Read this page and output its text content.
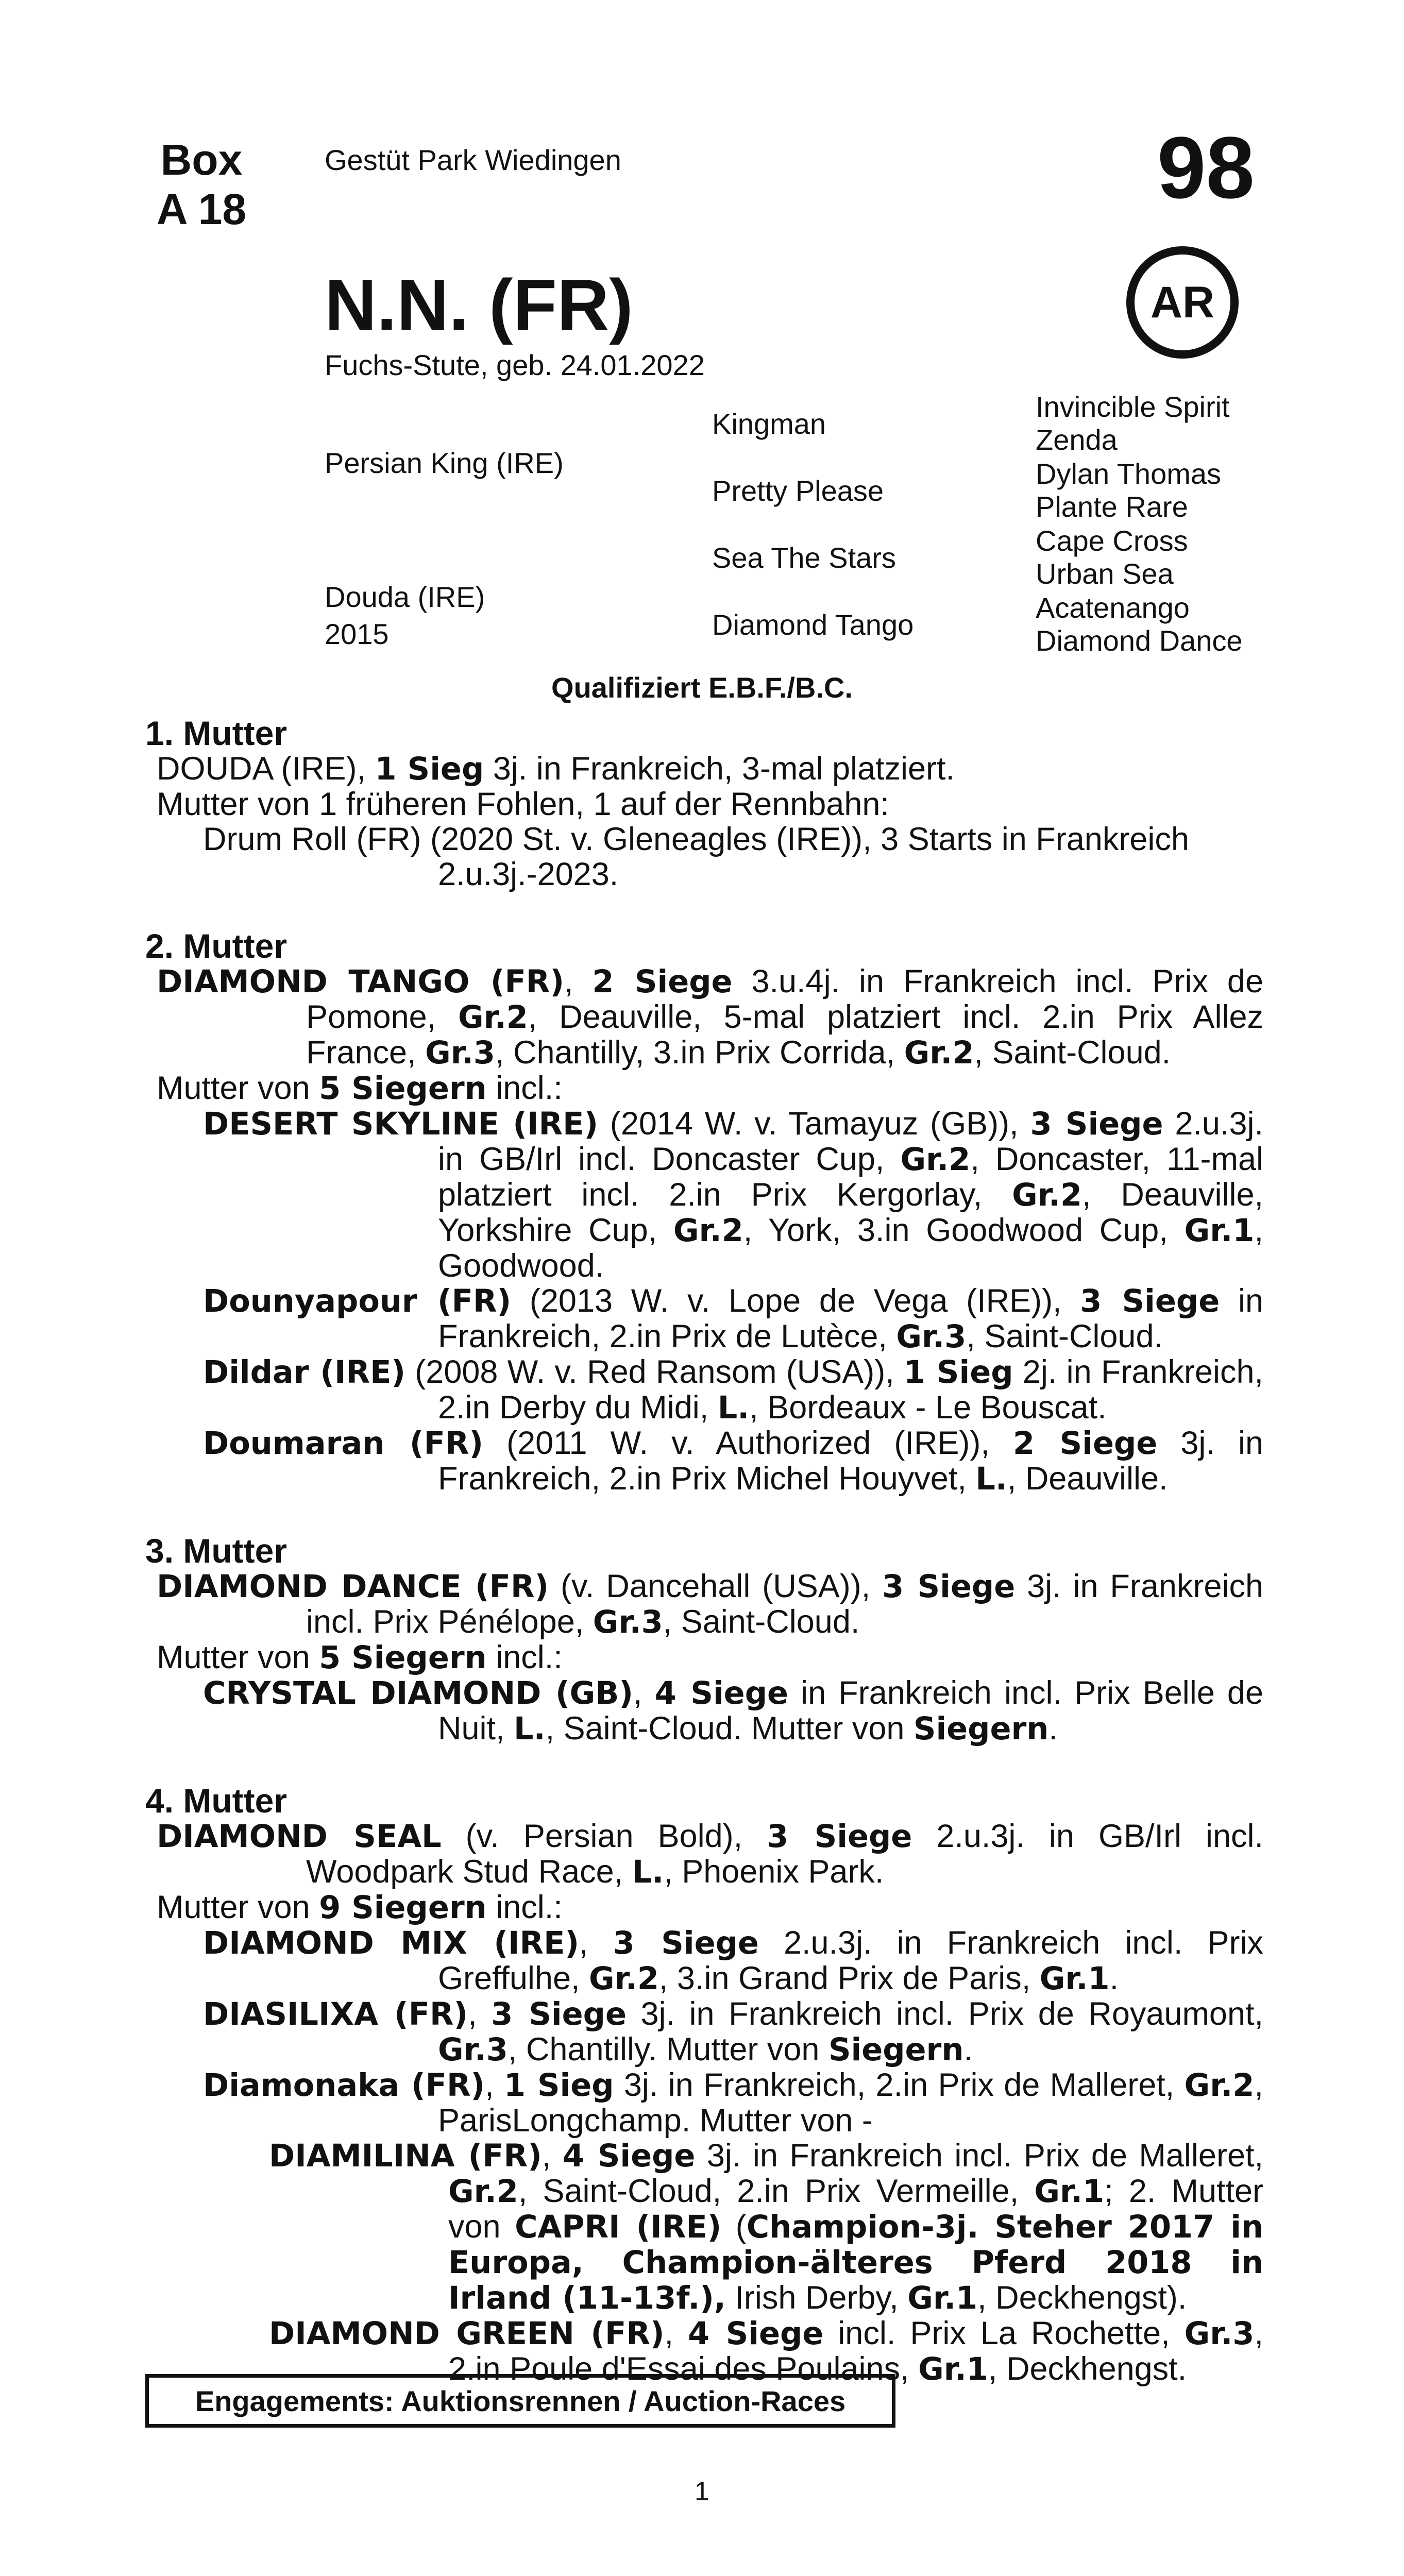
Box
A 18
Gestüt Park Wiedingen	98
N.N. (FR)
Fuchs-Stute, geb. 24.01.2022
AR
Persian King (IRE)
Douda (IRE)
2015
Kingman
Pretty Please
Sea The Stars
Diamond Tango
Invincible Spirit
Zenda
Dylan Thomas
Plante Rare
Cape Cross
Urban Sea
Acatenango
Diamond Dance
Qualifiziert E.B.F./B.C.
1. Mutter
DOUDA (IRE), 1 Sieg 3j. in Frankreich, 3-mal platziert.
Mutter von 1 früheren Fohlen, 1 auf der Rennbahn:
Drum Roll (FR) (2020 St. v. Gleneagles (IRE)), 3 Starts in Frankreich 2.u.3j.-2023.
2. Mutter
DIAMOND TANGO (FR), 2 Siege 3.u.4j. in Frankreich incl. Prix de Pomone, Gr.2, Deauville, 5-mal platziert incl. 2.in Prix Allez France, Gr.3, Chantilly, 3.in Prix Corrida, Gr.2, Saint-Cloud.
Mutter von 5 Siegern incl.:
DESERT SKYLINE (IRE) (2014 W. v. Tamayuz (GB)), 3 Siege 2.u.3j. in GB/Irl incl. Doncaster Cup, Gr.2, Doncaster, 11-mal platziert incl. 2.in Prix Kergorlay, Gr.2, Deauville, Yorkshire Cup, Gr.2, York, 3.in Goodwood Cup, Gr.1, Goodwood.
Dounyapour (FR) (2013 W. v. Lope de Vega (IRE)), 3 Siege in Frankreich, 2.in Prix de Lutèce, Gr.3, Saint-Cloud.
Dildar (IRE) (2008 W. v. Red Ransom (USA)), 1 Sieg 2j. in Frankreich, 2.in Derby du Midi, L., Bordeaux - Le Bouscat.
Doumaran (FR) (2011 W. v. Authorized (IRE)), 2 Siege 3j. in Frankreich, 2.in Prix Michel Houyvet, L., Deauville.
3. Mutter
DIAMOND DANCE (FR) (v. Dancehall (USA)), 3 Siege 3j. in Frankreich incl. Prix Pénélope, Gr.3, Saint-Cloud.
Mutter von 5 Siegern incl.:
CRYSTAL DIAMOND (GB), 4 Siege in Frankreich incl. Prix Belle de Nuit, L., Saint-Cloud. Mutter von Siegern.
4. Mutter
DIAMOND SEAL (v. Persian Bold), 3 Siege 2.u.3j. in GB/Irl incl. Woodpark Stud Race, L., Phoenix Park.
Mutter von 9 Siegern incl.:
DIAMOND MIX (IRE), 3 Siege 2.u.3j. in Frankreich incl. Prix Greffulhe, Gr.2, 3.in Grand Prix de Paris, Gr.1.
DIASILIXA (FR), 3 Siege 3j. in Frankreich incl. Prix de Royaumont, Gr.3, Chantilly. Mutter von Siegern.
Diamonaka (FR), 1 Sieg 3j. in Frankreich, 2.in Prix de Malleret, Gr.2, ParisLongchamp. Mutter von -
DIAMILINA (FR), 4 Siege 3j. in Frankreich incl. Prix de Malleret, Gr.2, Saint-Cloud, 2.in Prix Vermeille, Gr.1; 2. Mutter von CAPRI (IRE) (Champion-3j. Steher 2017 in Europa, Champion-älteres Pferd 2018 in Irland (11-13f.), Irish Derby, Gr.1, Deckhengst).
DIAMOND GREEN (FR), 4 Siege incl. Prix La Rochette, Gr.3, 2.in Poule d'Essai des Poulains, Gr.1, Deckhengst.
Engagements: Auktionsrennen / Auction-Races
1
